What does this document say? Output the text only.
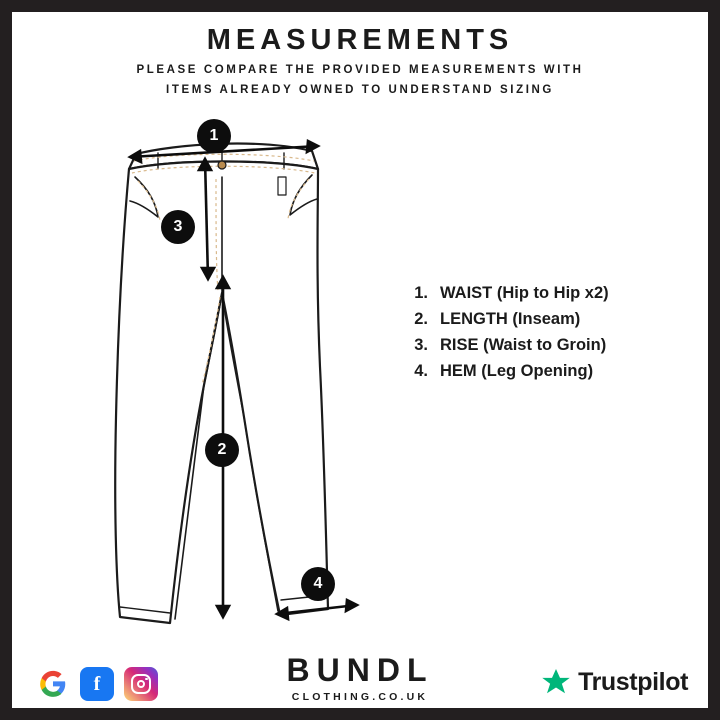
MEASUREMENTS
PLEASE COMPARE THE PROVIDED MEASUREMENTS WITH
ITEMS ALREADY OWNED TO UNDERSTAND SIZING
1
3
2
4
1. WAIST (Hip to Hip x2)
2. LENGTH (Inseam)
3. RISE (Waist to Groin)
4. HEM (Leg Opening)
f	BUNDL
CLOTHING.CO.UK
Trustpilot
